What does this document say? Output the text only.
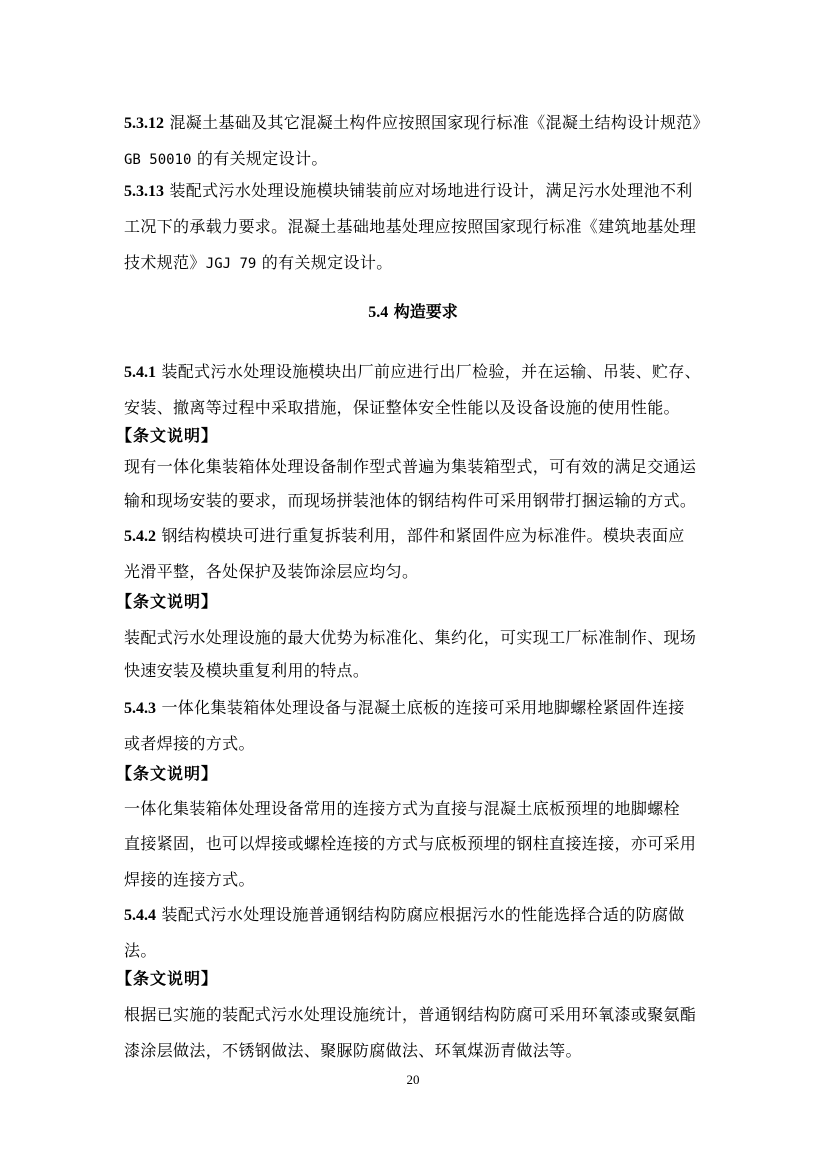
5.3.12 混凝土基础及其它混凝土构件应按照国家现行标准《混凝土结构设计规范》
GB 50010 的有关规定设计。
5.3.13 装配式污水处理设施模块铺装前应对场地进行设计，满足污水处理池不利
工况下的承载力要求。混凝土基础地基处理应按照国家现行标准《建筑地基处理
技术规范》JGJ 79 的有关规定设计。
5.4 构造要求
5.4.1 装配式污水处理设施模块出厂前应进行出厂检验，并在运输、吊装、贮存、
安装、撤离等过程中采取措施，保证整体安全性能以及设备设施的使用性能。
【条文说明】
现有一体化集装箱体处理设备制作型式普遍为集装箱型式，可有效的满足交通运
输和现场安装的要求，而现场拼装池体的钢结构件可采用钢带打捆运输的方式。
5.4.2 钢结构模块可进行重复拆装利用，部件和紧固件应为标准件。模块表面应
光滑平整，各处保护及装饰涂层应均匀。
【条文说明】
装配式污水处理设施的最大优势为标准化、集约化，可实现工厂标准制作、现场
快速安装及模块重复利用的特点。
5.4.3 一体化集装箱体处理设备与混凝土底板的连接可采用地脚螺栓紧固件连接
或者焊接的方式。
【条文说明】
一体化集装箱体处理设备常用的连接方式为直接与混凝土底板预埋的地脚螺栓
直接紧固，也可以焊接或螺栓连接的方式与底板预埋的钢柱直接连接，亦可采用
焊接的连接方式。
5.4.4 装配式污水处理设施普通钢结构防腐应根据污水的性能选择合适的防腐做
法。
【条文说明】
根据已实施的装配式污水处理设施统计，普通钢结构防腐可采用环氧漆或聚氨酯
漆涂层做法，不锈钢做法、聚脲防腐做法、环氧煤沥青做法等。
20
